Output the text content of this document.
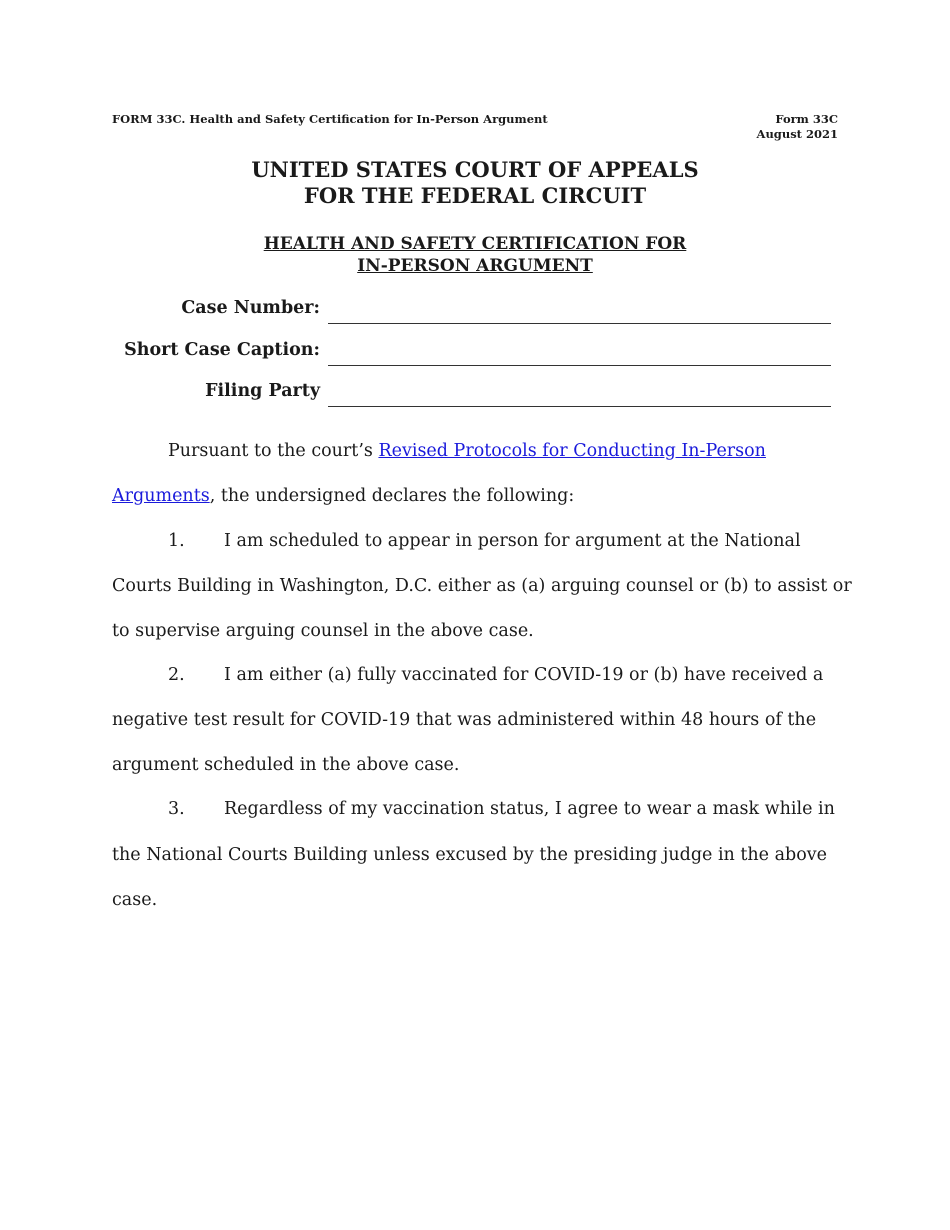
FORM 33C. Health and Safety Certification for In-Person Argument	Form 33C
August 2021
UNITED STATES COURT OF APPEALS
FOR THE FEDERAL CIRCUIT
HEALTH AND SAFETY CERTIFICATION FOR
IN-PERSON ARGUMENT
Case Number:
Short Case Caption:
Filing Party
Pursuant to the court’s Revised Protocols for Conducting In-Person
Arguments, the undersigned declares the following:
1. I am scheduled to appear in person for argument at the National
Courts Building in Washington, D.C. either as (a) arguing counsel or (b) to assist or
to supervise arguing counsel in the above case.
2. I am either (a) fully vaccinated for COVID-19 or (b) have received a
negative test result for COVID-19 that was administered within 48 hours of the
argument scheduled in the above case.
3. Regardless of my vaccination status, I agree to wear a mask while in
the National Courts Building unless excused by the presiding judge in the above
case.
